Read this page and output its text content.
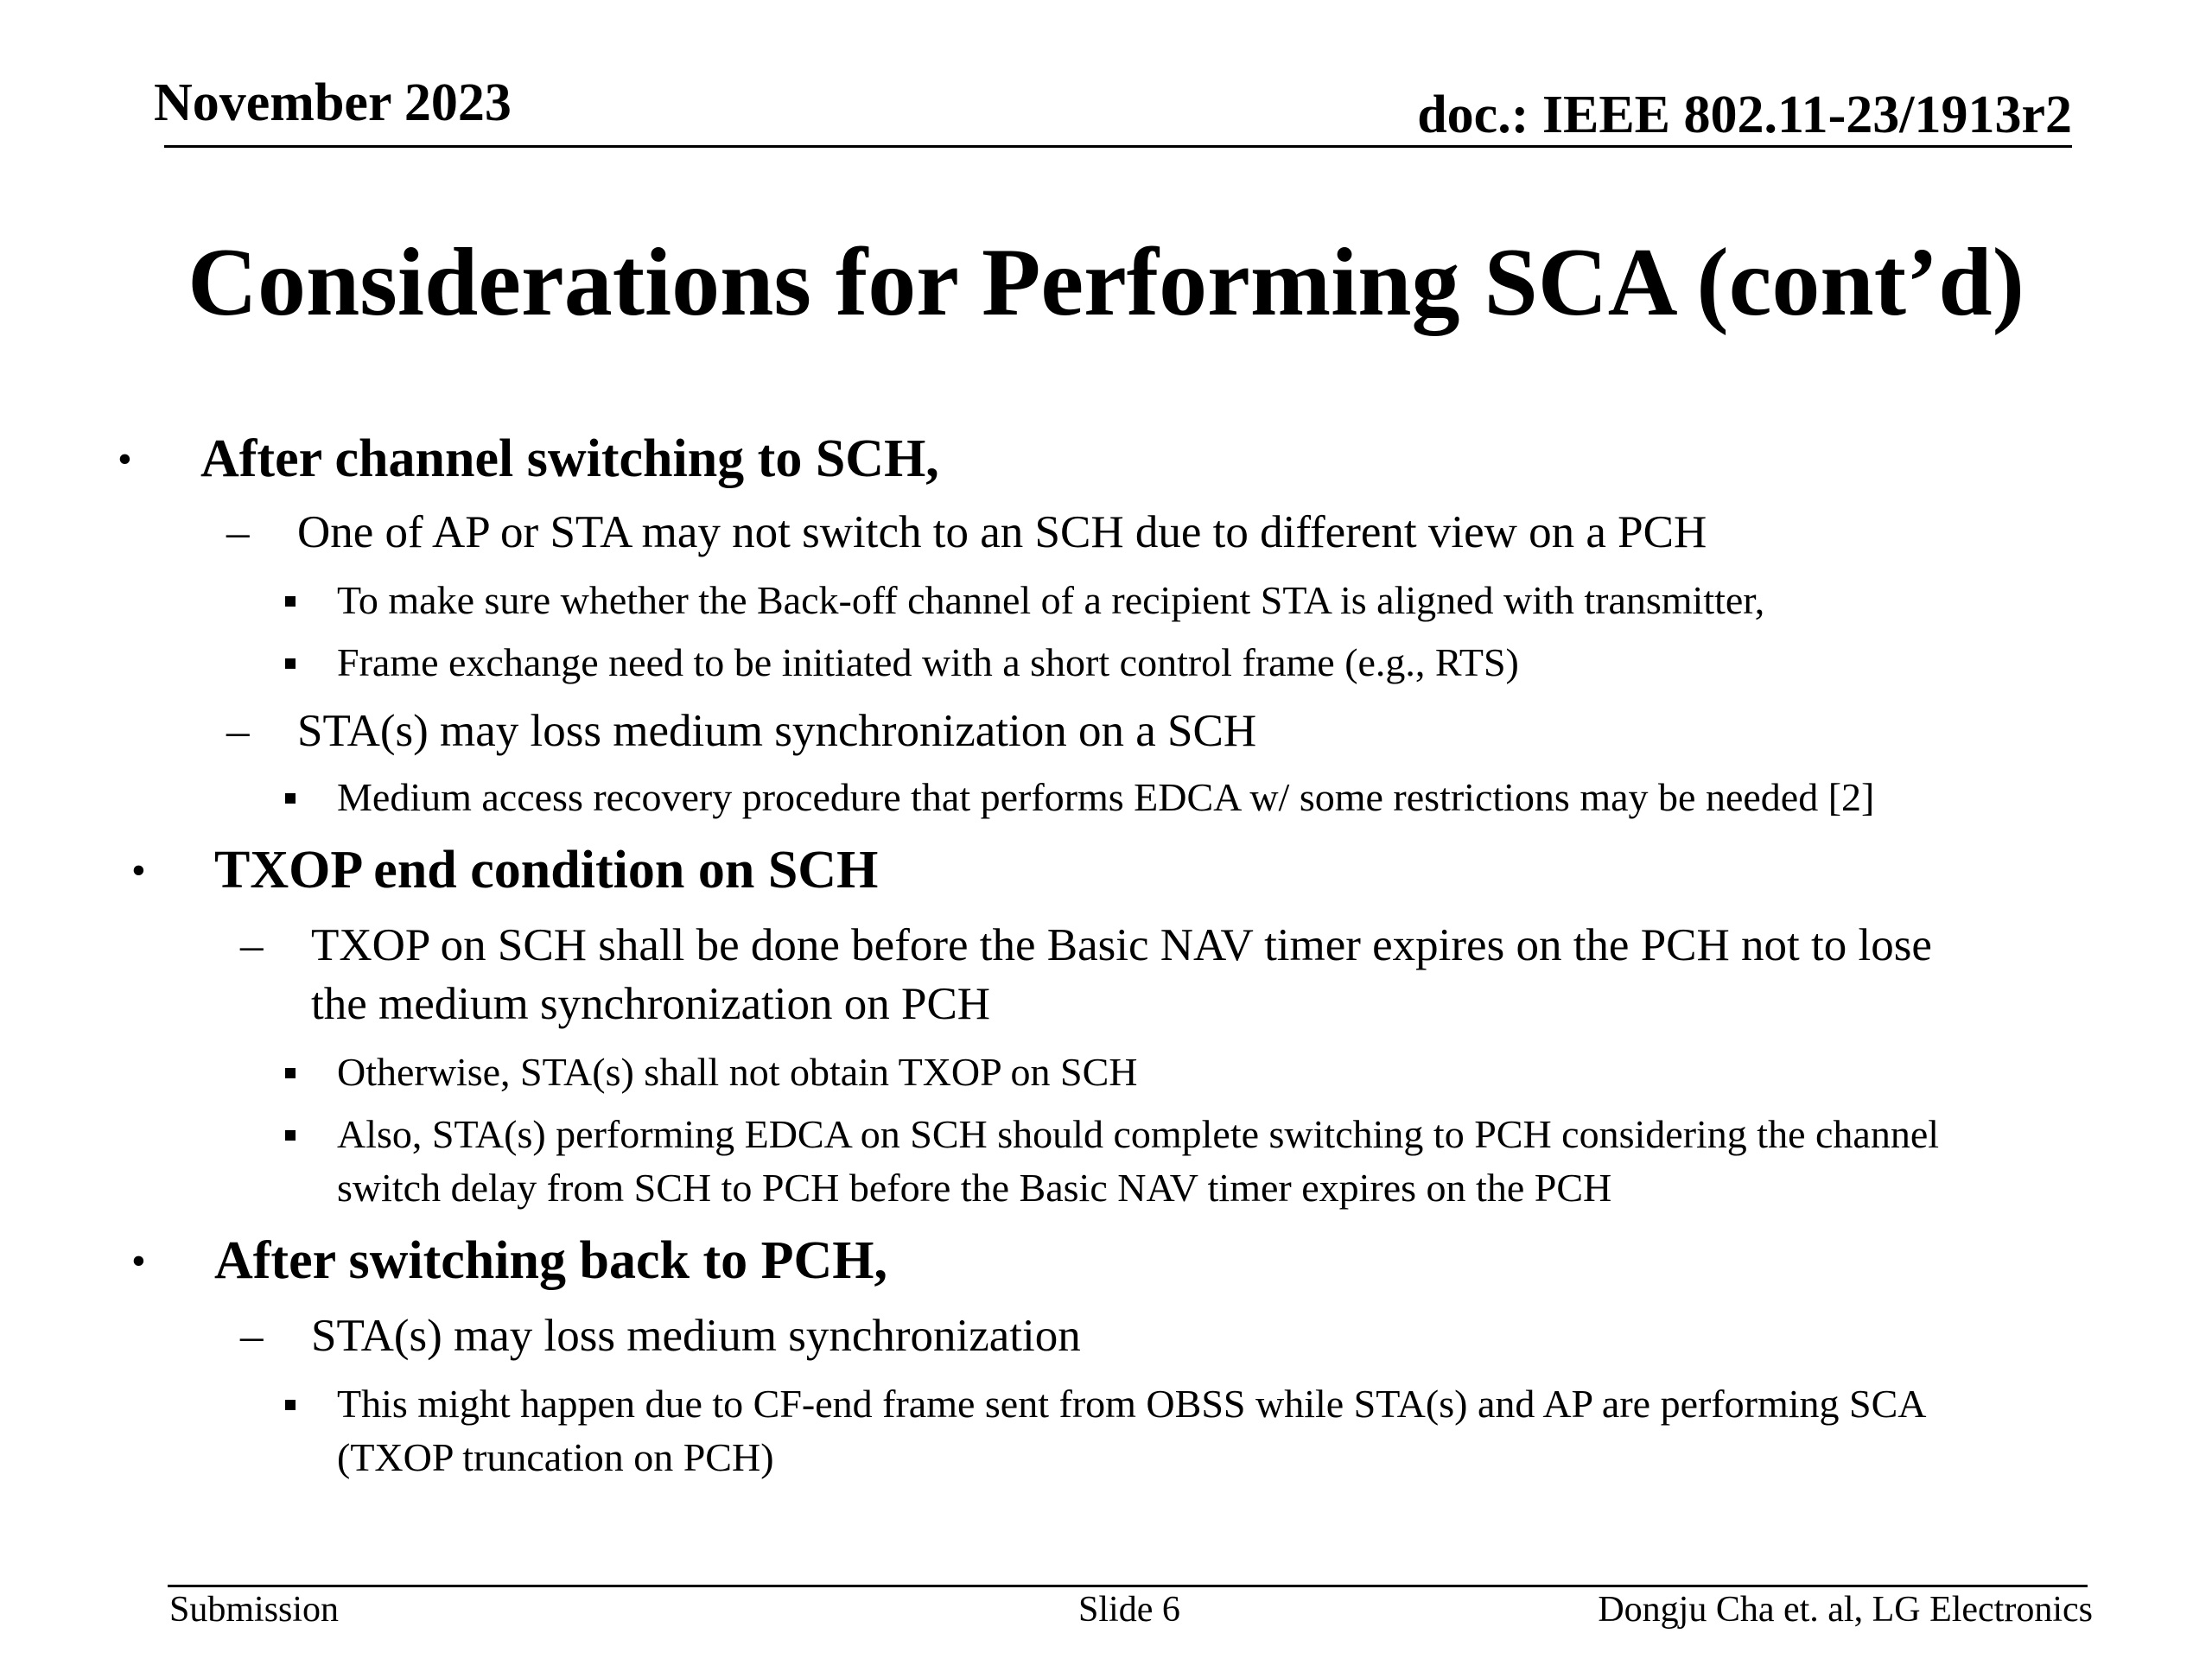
November 2023	doc.: IEEE 802.11-23/1913r2
Considerations for Performing SCA (cont’d)
• After channel switching to SCH,
– One of AP or STA may not switch to an SCH due to different view on a PCH
To make sure whether the Back-off channel of a recipient STA is aligned with transmitter,
Frame exchange need to be initiated with a short control frame (e.g., RTS)
– STA(s) may loss medium synchronization on a SCH
Medium access recovery procedure that performs EDCA w/ some restrictions may be needed [2]
• TXOP end condition on SCH
– TXOP on SCH shall be done before the Basic NAV timer expires on the PCH not to lose
the medium synchronization on PCH
Otherwise, STA(s) shall not obtain TXOP on SCH
Also, STA(s) performing EDCA on SCH should complete switching to PCH considering the channel
switch delay from SCH to PCH before the Basic NAV timer expires on the PCH
• After switching back to PCH,
– STA(s) may loss medium synchronization
This might happen due to CF-end frame sent from OBSS while STA(s) and AP are performing SCA
(TXOP truncation on PCH)
Submission	Slide 6	Dongju Cha et. al, LG Electronics
